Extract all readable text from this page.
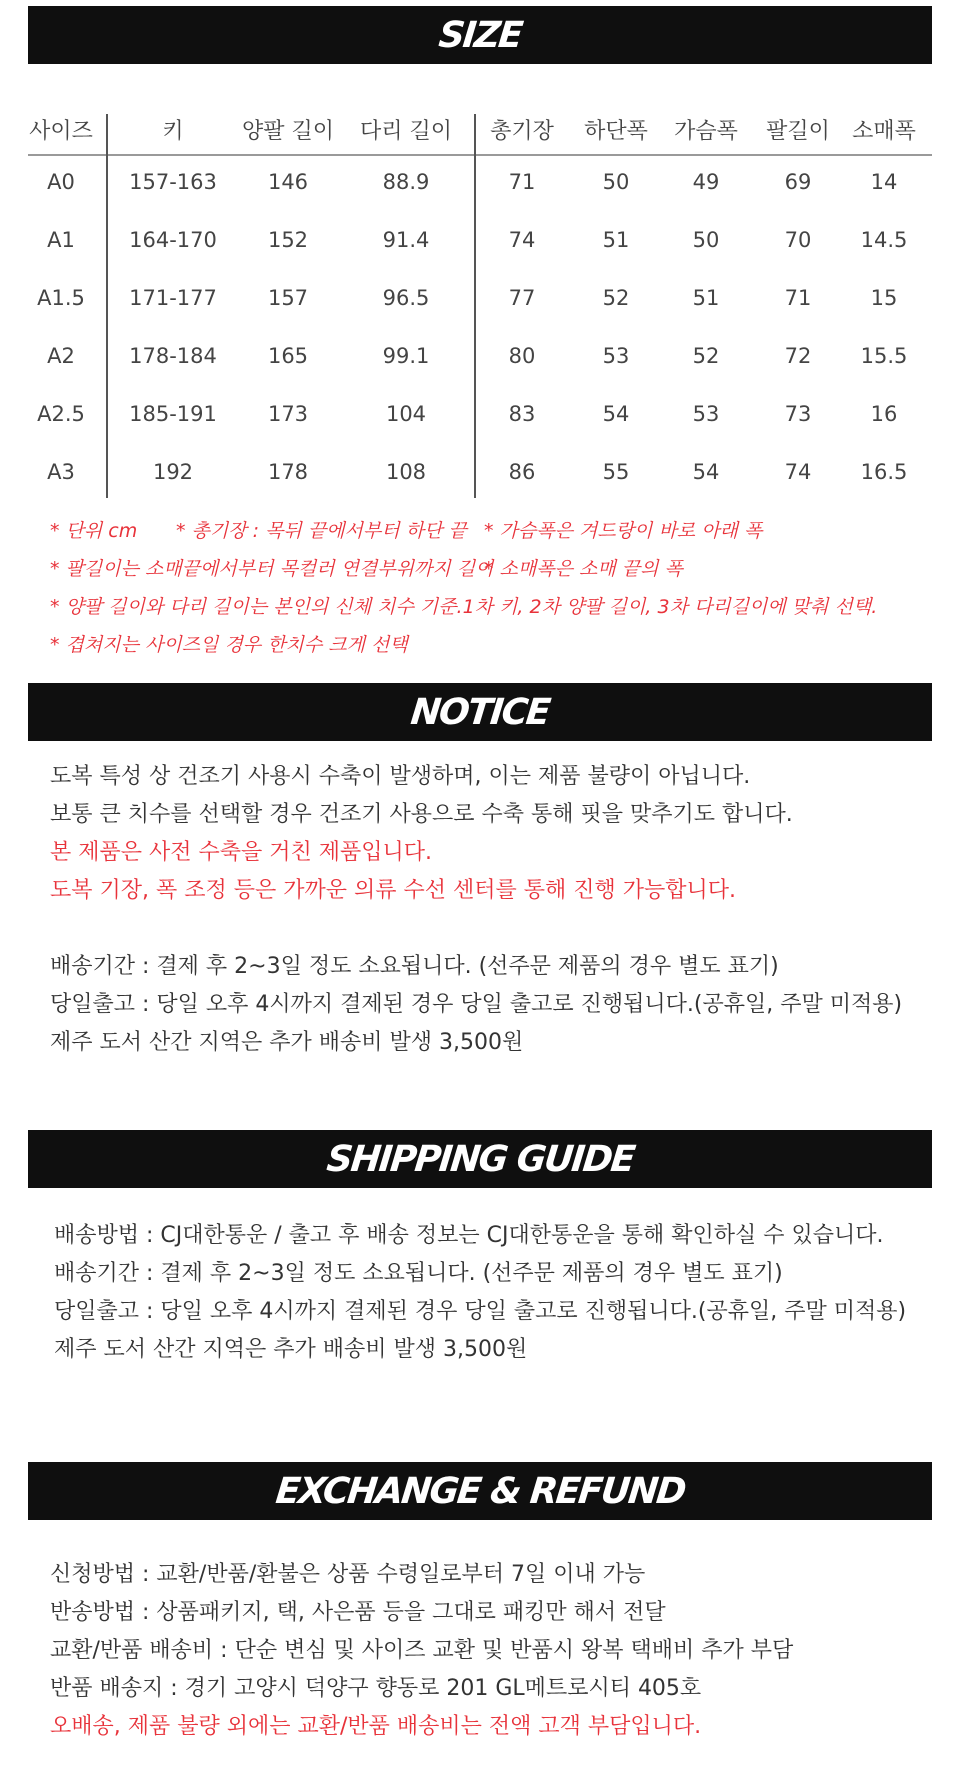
SIZE
사이즈	키	양팔 길이	다리 길이	총기장	하단폭	가슴폭	팔길이	소매폭
A0	157-163	146	88.9	71	50	49	69	14
A1	164-170	152	91.4	74	51	50	70	14.5
A1.5	171-177	157	96.5	77	52	51	71	15
A2	178-184	165	99.1	80	53	52	72	15.5
A2.5	185-191	173	104	83	54	53	73	16
A3	192	178	108	86	55	54	74	16.5
* 단위 cm * 총기장 : 목뒤 끝에서부터 하단 끝 * 가슴폭은 겨드랑이 바로 아래 폭
* 팔길이는 소매끝에서부터 목컬러 연결부위까지 길이* 소매폭은 소매 끝의 폭
* 양팔 길이와 다리 길이는 본인의 신체 치수 기준.1차 키, 2차 양팔 길이, 3차 다리길이에 맞춰 선택.
* 겹쳐지는 사이즈일 경우 한치수 크게 선택
NOTICE
도복 특성 상 건조기 사용시 수축이 발생하며, 이는 제품 불량이 아닙니다.
보통 큰 치수를 선택할 경우 건조기 사용으로 수축 통해 핏을 맞추기도 합니다.
본 제품은 사전 수축을 거친 제품입니다.
도복 기장, 폭 조정 등은 가까운 의류 수선 센터를 통해 진행 가능합니다.
배송기간 : 결제 후 2~3일 정도 소요됩니다. (선주문 제품의 경우 별도 표기)
당일출고 : 당일 오후 4시까지 결제된 경우 당일 출고로 진행됩니다.(공휴일, 주말 미적용)
제주 도서 산간 지역은 추가 배송비 발생 3,500원
SHIPPING GUIDE
배송방법 : CJ대한통운 / 출고 후 배송 정보는 CJ대한통운을 통해 확인하실 수 있습니다.
배송기간 : 결제 후 2~3일 정도 소요됩니다. (선주문 제품의 경우 별도 표기)
당일출고 : 당일 오후 4시까지 결제된 경우 당일 출고로 진행됩니다.(공휴일, 주말 미적용)
제주 도서 산간 지역은 추가 배송비 발생 3,500원
EXCHANGE & REFUND
신청방법 : 교환/반품/환불은 상품 수령일로부터 7일 이내 가능
반송방법 : 상품패키지, 택, 사은품 등을 그대로 패킹만 해서 전달
교환/반품 배송비 : 단순 변심 및 사이즈 교환 및 반품시 왕복 택배비 추가 부담
반품 배송지 : 경기 고양시 덕양구 향동로 201 GL메트로시티 405호
오배송, 제품 불량 외에는 교환/반품 배송비는 전액 고객 부담입니다.
